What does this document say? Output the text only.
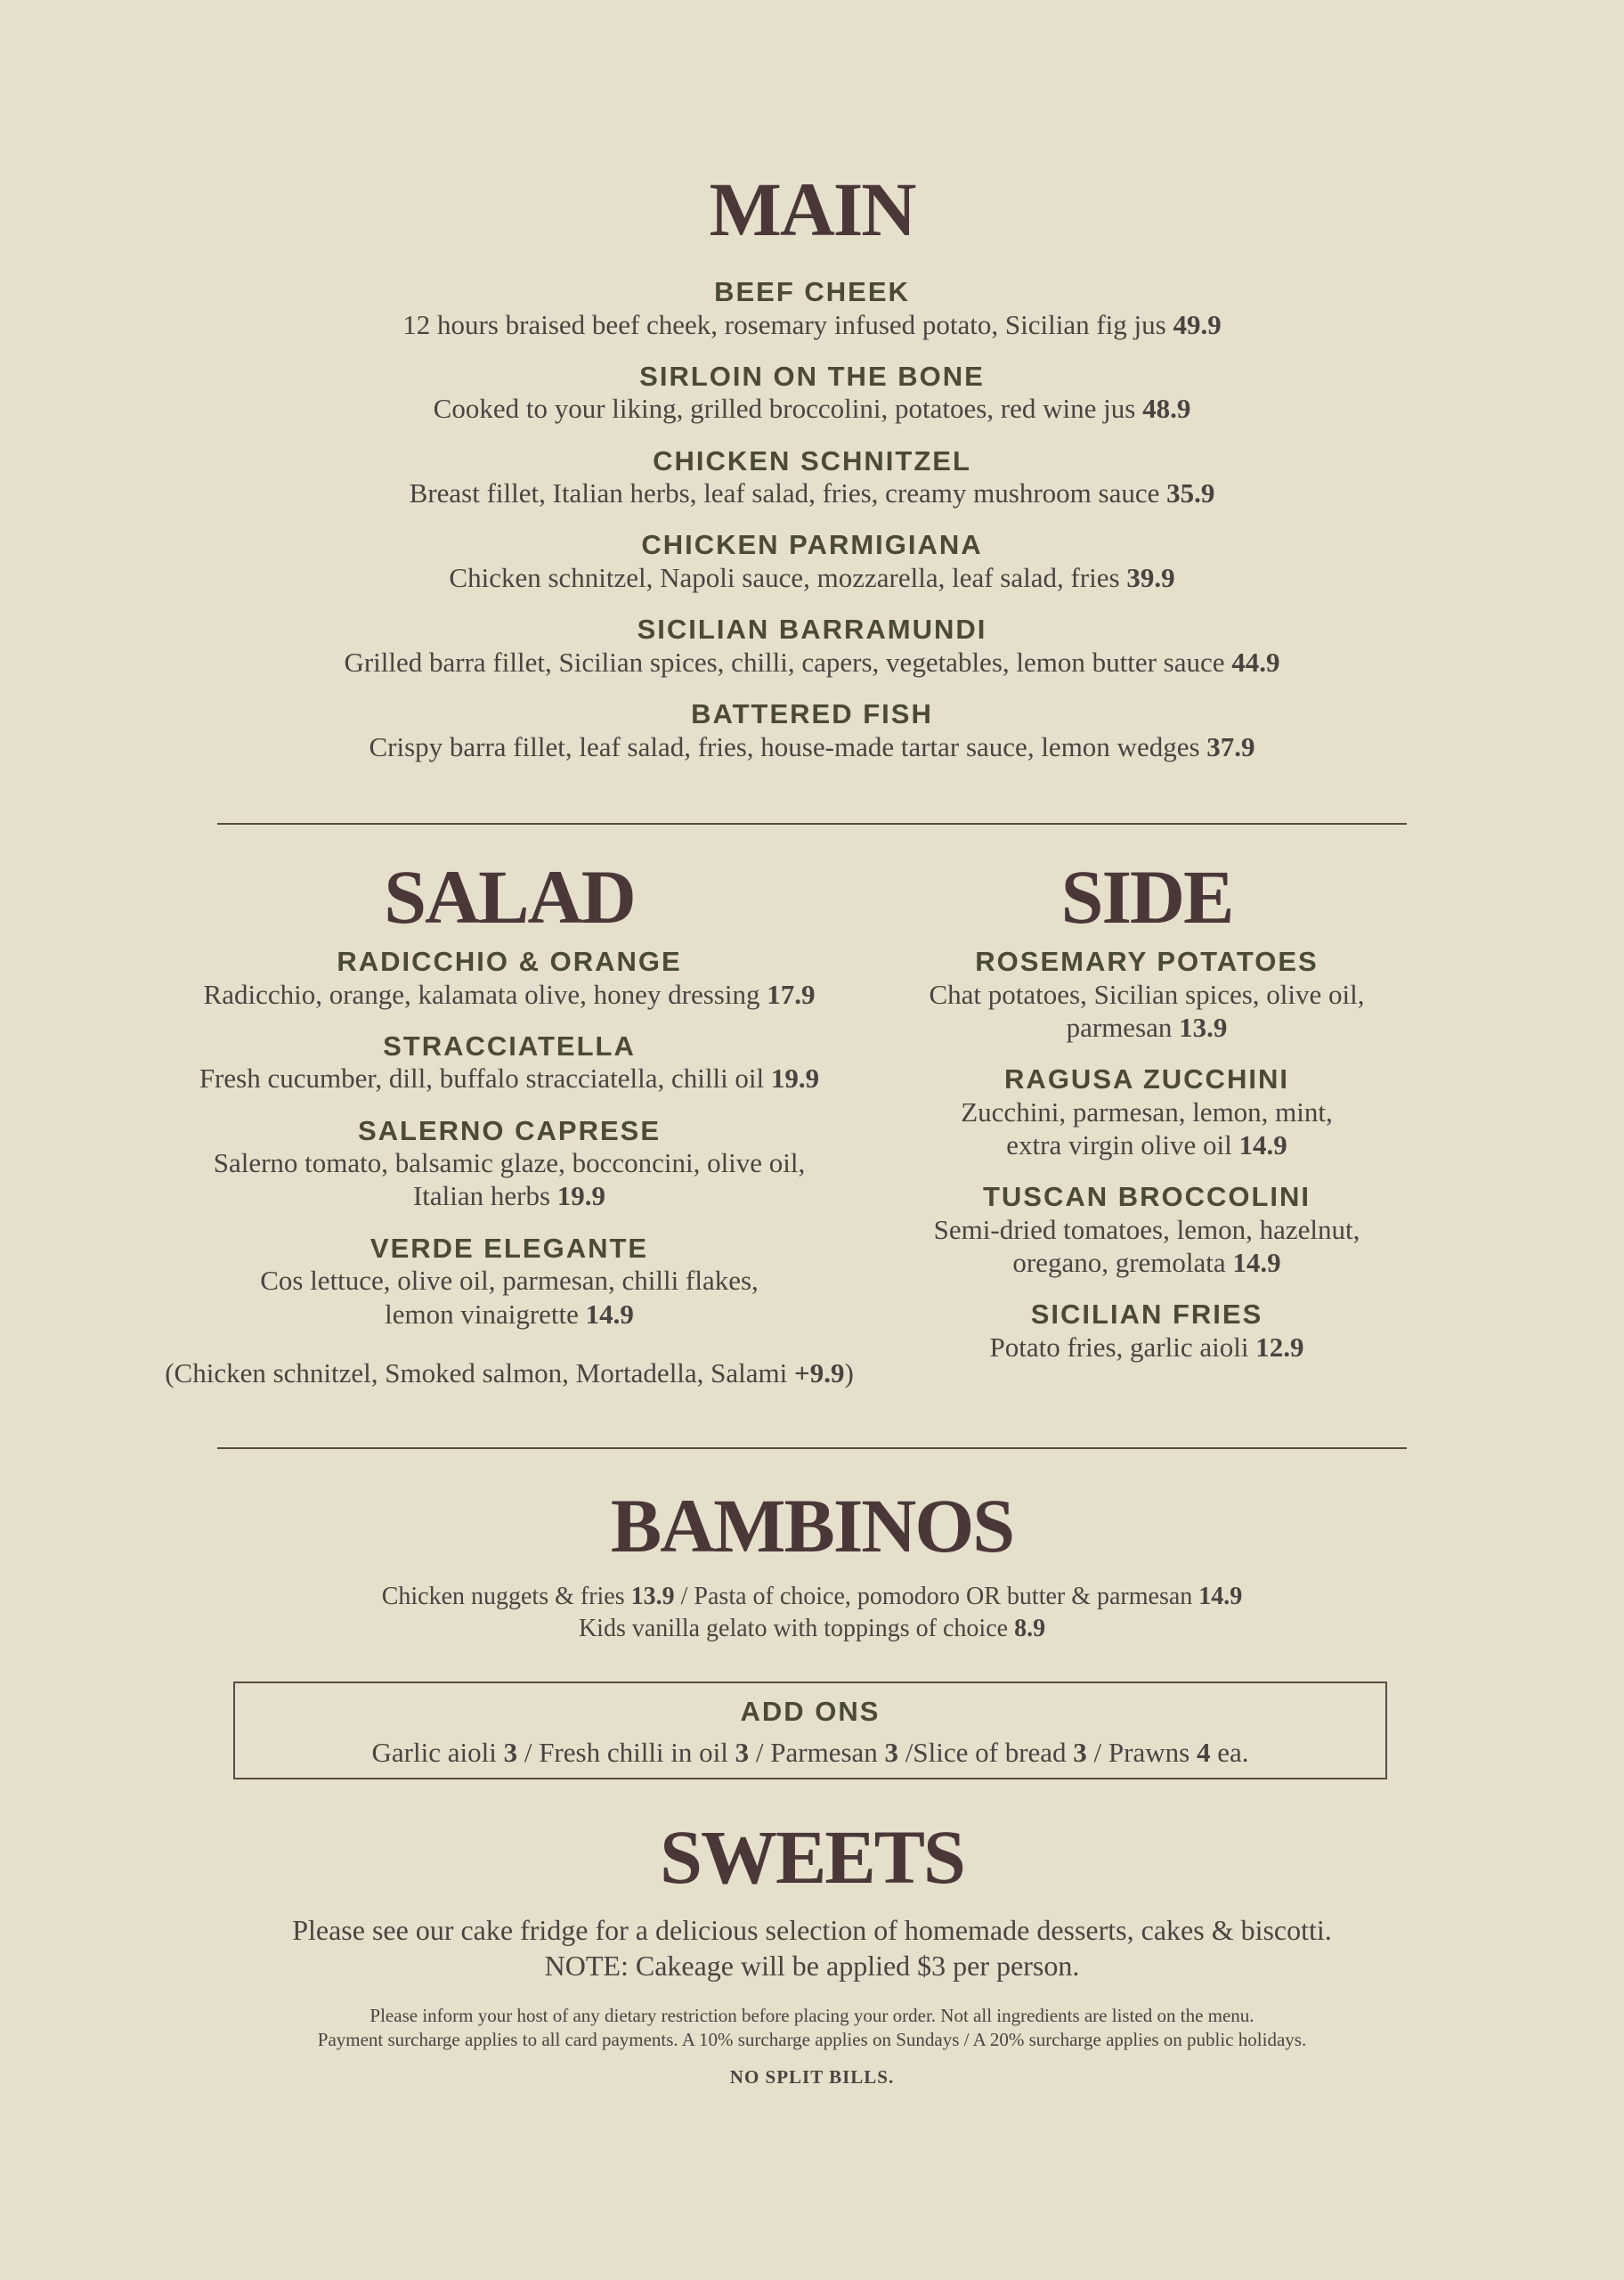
MAIN
BEEF CHEEK
12 hours braised beef cheek, rosemary infused potato, Sicilian fig jus 49.9
SIRLOIN ON THE BONE
Cooked to your liking, grilled broccolini, potatoes, red wine jus 48.9
CHICKEN SCHNITZEL
Breast fillet, Italian herbs, leaf salad, fries, creamy mushroom sauce 35.9
CHICKEN PARMIGIANA
Chicken schnitzel, Napoli sauce, mozzarella, leaf salad, fries 39.9
SICILIAN BARRAMUNDI
Grilled barra fillet, Sicilian spices, chilli, capers, vegetables, lemon butter sauce 44.9
BATTERED FISH
Crispy barra fillet, leaf salad, fries, house-made tartar sauce, lemon wedges 37.9
SALAD
RADICCHIO & ORANGE
Radicchio, orange, kalamata olive, honey dressing 17.9
STRACCIATELLA
Fresh cucumber, dill, buffalo stracciatella, chilli oil 19.9
SALERNO CAPRESE
Salerno tomato, balsamic glaze, bocconcini, olive oil,
Italian herbs 19.9
VERDE ELEGANTE
Cos lettuce, olive oil, parmesan, chilli flakes,
lemon vinaigrette 14.9
(Chicken schnitzel, Smoked salmon, Mortadella, Salami +9.9)
SIDE
ROSEMARY POTATOES
Chat potatoes, Sicilian spices, olive oil,
parmesan 13.9
RAGUSA ZUCCHINI
Zucchini, parmesan, lemon, mint,
extra virgin olive oil 14.9
TUSCAN BROCCOLINI
Semi-dried tomatoes, lemon, hazelnut,
oregano, gremolata 14.9
SICILIAN FRIES
Potato fries, garlic aioli 12.9
BAMBINOS
Chicken nuggets & fries 13.9 / Pasta of choice, pomodoro OR butter & parmesan 14.9
Kids vanilla gelato with toppings of choice 8.9
ADD ONS
Garlic aioli 3 / Fresh chilli in oil 3 / Parmesan 3 /Slice of bread 3 / Prawns 4 ea.
SWEETS
Please see our cake fridge for a delicious selection of homemade desserts, cakes & biscotti.
NOTE: Cakeage will be applied $3 per person.
Please inform your host of any dietary restriction before placing your order. Not all ingredients are listed on the menu.
Payment surcharge applies to all card payments. A 10% surcharge applies on Sundays / A 20% surcharge applies on public holidays.
NO SPLIT BILLS.
